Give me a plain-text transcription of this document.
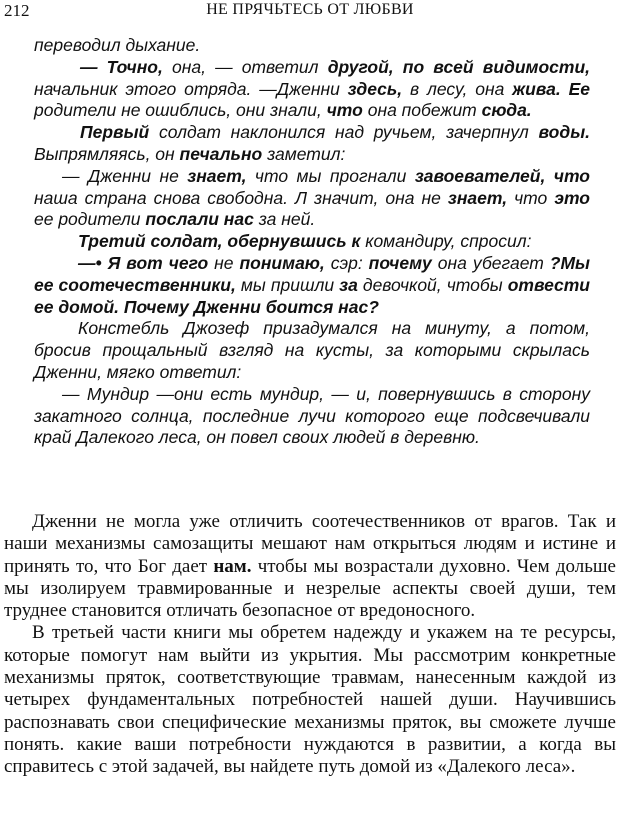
212	НЕ ПРЯЧЬТЕСЬ ОТ ЛЮБВИ

переводил дыхание.

— Точно, она, — ответил другой, по всей видимости, начальник этого отряда. —Дженни здесь, в лесу, она жива. Ее родители не ошиблись, они знали, что она побежит сюда.

Первый солдат наклонился над ручьем, зачерпнул воды. Выпрямляясь, он печально заметил:

— Дженни не знает, что мы прогнали завоевателей, что наша страна снова свободна. Л значит, она не знает, что это ее родители послали нас за ней.

Третий солдат, обернувшись к командиру, спросил:

—• Я вот чего не понимаю, сэр: почему она убегает ?Мы ее соотечественники, мы пришли за девочкой, чтобы отвести ее домой. Почему Дженни боится нас?

Констебль Джозеф призадумался на минуту, а потом, бросив прощальный взгляд на кусты, за которыми скрылась Дженни, мягко ответил:

— Мундир —они есть мундир, — и, повернувшись в сторону закатного солнца, последние лучи которого еще подсвечивали край Далекого леса, он повел своих людей в деревню.

Дженни не могла уже отличить соотечественников от врагов. Так и наши механизмы самозащиты мешают нам открыться людям и истине и принять то, что Бог дает нам. чтобы мы возрастали духовно. Чем дольше мы изолируем травмированные и незрелые аспекты своей души, тем труднее становится отличать безопасное от вредоносного.

В третьей части книги мы обретем надежду и укажем на те ресурсы, которые помогут нам выйти из укрытия. Мы рассмотрим конкретные механизмы пряток, соответствующие травмам, нанесенным каждой из четырех фундаментальных потребностей нашей души. Научившись распознавать свои специфические механизмы пряток, вы сможете лучше понять. какие ваши потребности нуждаются в развитии, а когда вы справитесь с этой задачей, вы найдете путь домой из «Далекого леса».
